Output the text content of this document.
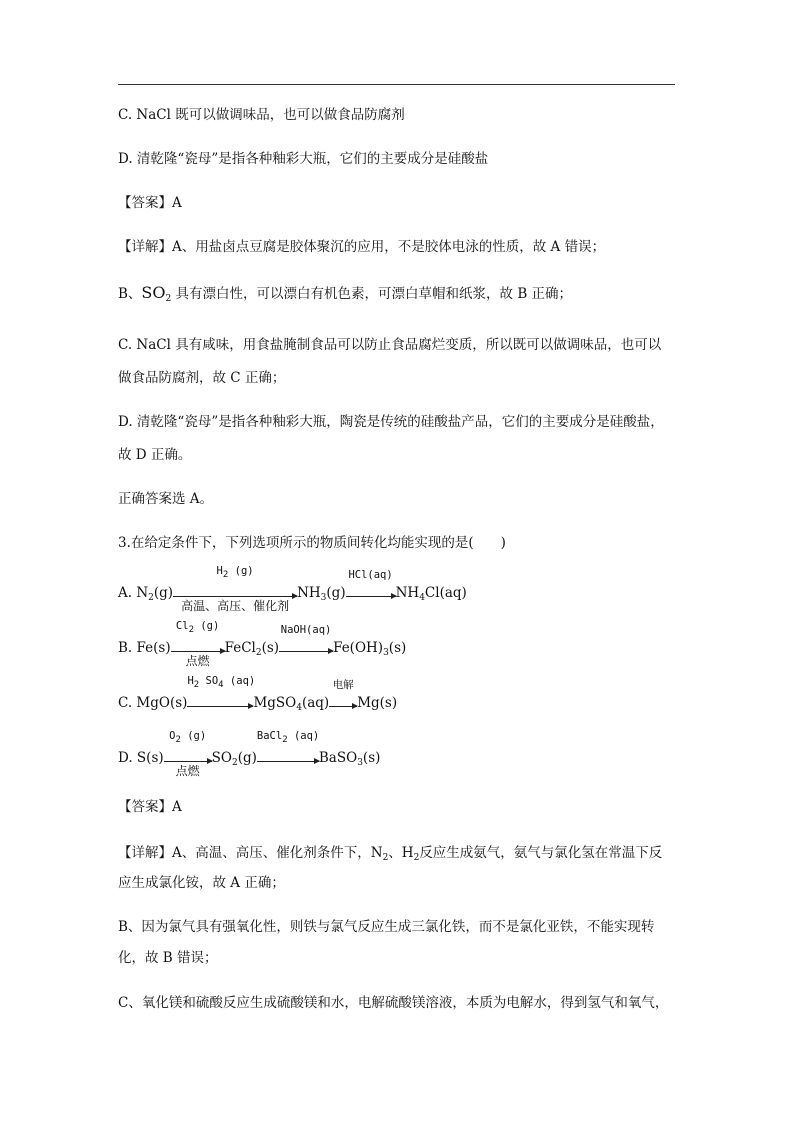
C. NaCl 既可以做调味品，也可以做食品防腐剂
D. 清乾隆“瓷母”是指各种釉彩大瓶，它们的主要成分是硅酸盐
【答案】A
【详解】A、用盐卤点豆腐是胶体聚沉的应用，不是胶体电泳的性质，故 A 错误；
B、$SO_2$ 具有漂白性，可以漂白有机色素，可漂白草帽和纸浆，故 B 正确；
C. NaCl 具有咸味，用食盐腌制食品可以防止食品腐烂变质，所以既可以做调味品，也可以
做食品防腐剂，故 C 正确；
D. 清乾隆“瓷母”是指各种釉彩大瓶，陶瓷是传统的硅酸盐产品，它们的主要成分是硅酸盐，
故 D 正确。
正确答案选 A。
3.在给定条件下，下列选项所示的物质间转化均能实现的是(　　)
A. $N_2(g)$
$H_2$ (g)
高温、高压、催化剂
$NH_3(g)$
HCl(aq)
$NH_4Cl(aq)$
B. Fe(s)
$Cl_2$ (g)
点燃
FeCl$_2$(s)
NaOH(aq)
$Fe(OH)_3(s)$
C. MgO(s)
$H_2$ $SO_4$ (aq)
MgSO$_4$(aq)
电解
Mg(s)
D. S(s)
$O_2$ (g)
点燃
$SO_2(g)$
BaCl$_2$ (aq)
BaSO$_3$(s)
【答案】A
【详解】A、高温、高压、催化剂条件下，$N_2$、$H_2$反应生成氨气，氨气与氯化氢在常温下反
应生成氯化铵，故 A 正确；
B、因为氯气具有强氧化性，则铁与氯气反应生成三氯化铁，而不是氯化亚铁，不能实现转
化，故 B 错误；
C、氧化镁和硫酸反应生成硫酸镁和水，电解硫酸镁溶液，本质为电解水，得到氢气和氧气，
